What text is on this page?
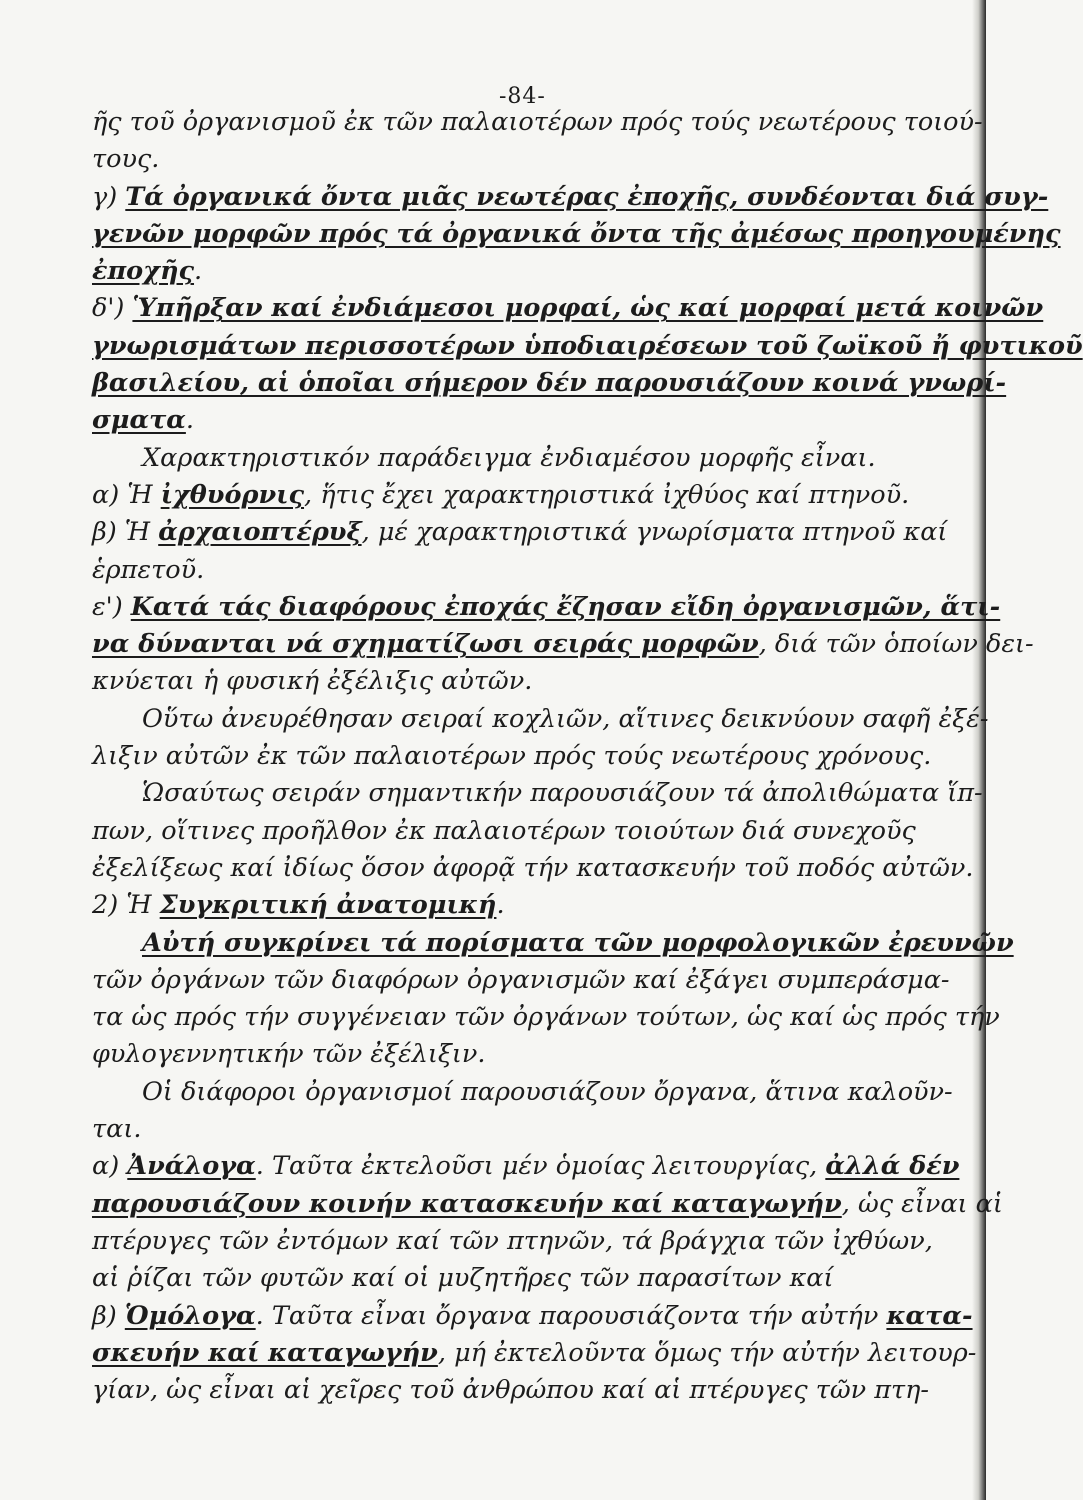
-84-
ῆς τοῦ ὀργανισμοῦ ἐκ τῶν παλαιοτέρων πρός τούς νεωτέρους τοιού-
τους.
γ) Τά ὀργανικά ὄντα μιᾶς νεωτέρας ἐποχῆς, συνδέονται διά συγ-
γενῶν μορφῶν πρός τά ὀργανικά ὄντα τῆς ἀμέσως προηγουμένης
ἐποχῆς.
δ') Ὑπῆρξαν καί ἐνδιάμεσοι μορφαί, ὡς καί μορφαί μετά κοινῶν
γνωρισμάτων περισσοτέρων ὑποδιαιρέσεων τοῦ ζωϊκοῦ ἤ φυτικοῦ
βασιλείου, αἱ ὁποῖαι σήμερον δέν παρουσιάζουν κοινά γνωρί-
σματα.
Χαρακτηριστικόν παράδειγμα ἐνδιαμέσου μορφῆς εἶναι.
α) Ἡ ἰχθυόρνις, ἥτις ἔχει χαρακτηριστικά ἰχθύος καί πτηνοῦ.
β) Ἡ ἀρχαιοπτέρυξ, μέ χαρακτηριστικά γνωρίσματα πτηνοῦ καί
ἑρπετοῦ.
ε') Κατά τάς διαφόρους ἐποχάς ἔζησαν εἴδη ὀργανισμῶν, ἅτι-
να δύνανται νά σχηματίζωσι σειράς μορφῶν, διά τῶν ὁποίων δει-
κνύεται ἡ φυσική ἐξέλιξις αὐτῶν.
Οὕτω ἀνευρέθησαν σειραί κοχλιῶν, αἵτινες δεικνύουν σαφῆ ἐξέ-
λιξιν αὐτῶν ἐκ τῶν παλαιοτέρων πρός τούς νεωτέρους χρόνους.
Ὡσαύτως σειράν σημαντικήν παρουσιάζουν τά ἀπολιθώματα ἵπ-
πων, οἵτινες προῆλθον ἐκ παλαιοτέρων τοιούτων διά συνεχοῦς
ἐξελίξεως καί ἰδίως ὅσον ἀφορᾷ τήν κατασκευήν τοῦ ποδός αὐτῶν.
2) Ἡ Συγκριτική ἀνατομική.
Αὐτή συγκρίνει τά πορίσματα τῶν μορφολογικῶν ἐρευνῶν
τῶν ὀργάνων τῶν διαφόρων ὀργανισμῶν καί ἐξάγει συμπεράσμα-
τα ὡς πρός τήν συγγένειαν τῶν ὀργάνων τούτων, ὡς καί ὡς πρός τήν
φυλογεννητικήν τῶν ἐξέλιξιν.
Οἱ διάφοροι ὀργανισμοί παρουσιάζουν ὄργανα, ἅτινα καλοῦν-
ται.
α) Ἀνάλογα. Ταῦτα ἐκτελοῦσι μέν ὁμοίας λειτουργίας, ἀλλά δέν
παρουσιάζουν κοινήν κατασκευήν καί καταγωγήν, ὡς εἶναι αἱ
πτέρυγες τῶν ἐντόμων καί τῶν πτηνῶν, τά βράγχια τῶν ἰχθύων,
αἱ ῥίζαι τῶν φυτῶν καί οἱ μυζητῆρες τῶν παρασίτων καί
β) Ὁμόλογα. Ταῦτα εἶναι ὄργανα παρουσιάζοντα τήν αὐτήν κατα-
σκευήν καί καταγωγήν, μή ἐκτελοῦντα ὅμως τήν αὐτήν λειτουρ-
γίαν, ὡς εἶναι αἱ χεῖρες τοῦ ἀνθρώπου καί αἱ πτέρυγες τῶν πτη-
